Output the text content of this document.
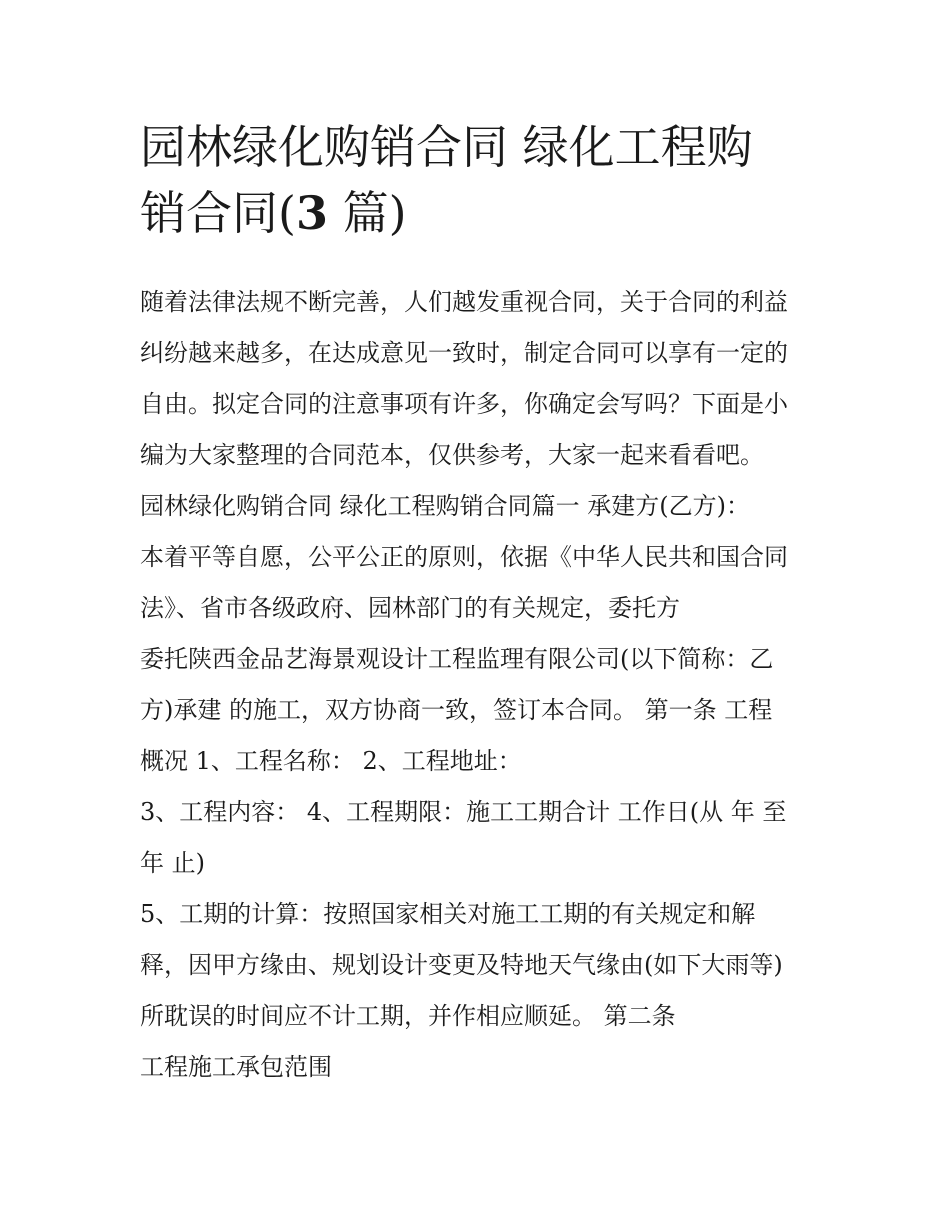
园林绿化购销合同 绿化工程购
销合同(3 篇)
随着法律法规不断完善，人们越发重视合同，关于合同的利益
纠纷越来越多，在达成意见一致时，制定合同可以享有一定的
自由。拟定合同的注意事项有许多，你确定会写吗？下面是小
编为大家整理的合同范本，仅供参考，大家一起来看看吧。
园林绿化购销合同 绿化工程购销合同篇一 承建方(乙方)：
本着平等自愿，公平公正的原则，依据《中华人民共和国合同
法》、省市各级政府、园林部门的有关规定，委托方
委托陕西金品艺海景观设计工程监理有限公司(以下简称：乙
方)承建 的施工，双方协商一致，签订本合同。 第一条 工程
概况 1、工程名称： 2、工程地址：
3、工程内容： 4、工程期限：施工工期合计 工作日(从 年 至
年 止)
5、工期的计算：按照国家相关对施工工期的有关规定和解
释，因甲方缘由、规划设计变更及特地天气缘由(如下大雨等)
所耽误的时间应不计工期，并作相应顺延。 第二条
工程施工承包范围
